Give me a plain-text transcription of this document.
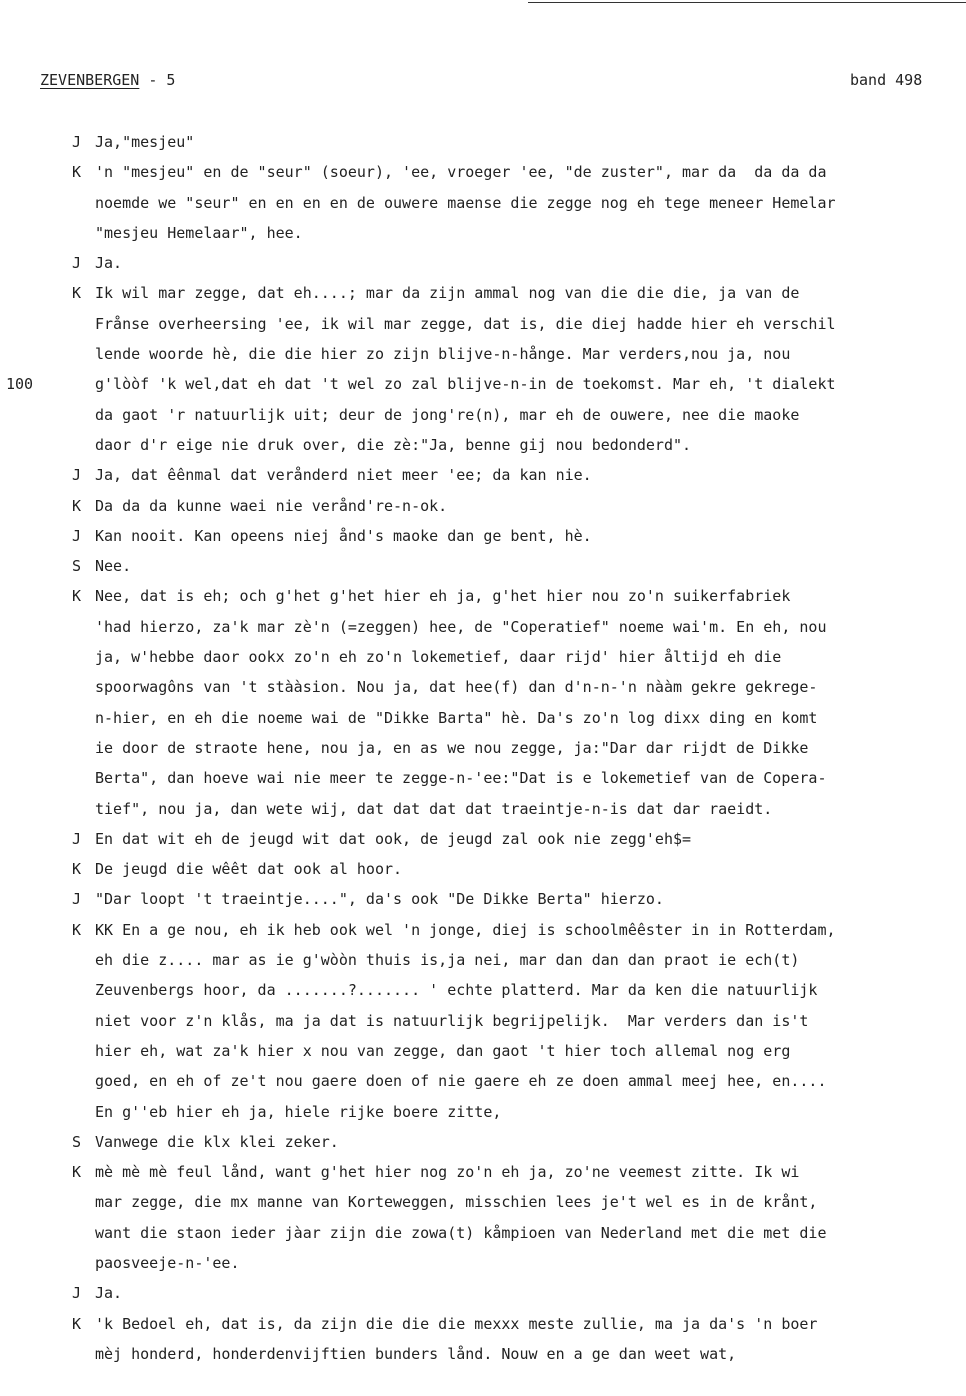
ZEVENBERGEN - 5	band 498
J Ja,"mesjeu"
K 'n "mesjeu" en de "seur" (soeur), 'ee, vroeger 'ee, "de zuster", mar da  da da da
noemde we "seur" en en en en de ouwere maense die zegge nog eh tege meneer Hemelar
"mesjeu Hemelaar", hee.
J Ja.
K Ik wil mar zegge, dat eh....; mar da zijn ammal nog van die die die, ja van de
Frånse overheersing 'ee, ik wil mar zegge, dat is, die diej hadde hier eh verschil
lende woorde hè, die die hier zo zijn blijve-n-hånge. Mar verders,nou ja, nou
100	g'lòòf 'k wel,dat eh dat 't wel zo zal blijve-n-in de toekomst. Mar eh, 't dialekt
da gaot 'r natuurlijk uit; deur de jong're(n), mar eh de ouwere, nee die maoke
daor d'r eige nie druk over, die zè:"Ja, benne gij nou bedonderd".
J Ja, dat êênmal dat verånderd niet meer 'ee; da kan nie.
K Da da da kunne waei nie verånd're-n-ok.
J Kan nooit. Kan opeens niej ånd's maoke dan ge bent, hè.
S Nee.
K Nee, dat is eh; och g'het g'het hier eh ja, g'het hier nou zo'n suikerfabriek
'had hierzo, za'k mar zè'n (=zeggen) hee, de "Coperatief" noeme wai'm. En eh, nou
ja, w'hebbe daor ookx zo'n eh zo'n lokemetief, daar rijd' hier åltijd eh die
spoorwagôns van 't stààsion. Nou ja, dat hee(f) dan d'n-n-'n nààm gekre gekrege-
n-hier, en eh die noeme wai de "Dikke Barta" hè. Da's zo'n log dixx ding en komt
ie door de straote hene, nou ja, en as we nou zegge, ja:"Dar dar rijdt de Dikke
Berta", dan hoeve wai nie meer te zegge-n-'ee:"Dat is e lokemetief van de Copera-
tief", nou ja, dan wete wij, dat dat dat dat traeintje-n-is dat dar raeidt.
J En dat wit eh de jeugd wit dat ook, de jeugd zal ook nie zegg'eh$=
K De jeugd die wêêt dat ook al hoor.
J "Dar loopt 't traeintje....", da's ook "De Dikke Berta" hierzo.
K KK En a ge nou, eh ik heb ook wel 'n jonge, diej is schoolmêêster in in Rotterdam,
eh die z.... mar as ie g'wòòn thuis is,ja nei, mar dan dan dan praot ie ech(t)
Zeuvenbergs hoor, da .......?....... ' echte platterd. Mar da ken die natuurlijk
niet voor z'n klås, ma ja dat is natuurlijk begrijpelijk.  Mar verders dan is't
hier eh, wat za'k hier x nou van zegge, dan gaot 't hier toch allemal nog erg
goed, en eh of ze't nou gaere doen of nie gaere eh ze doen ammal meej hee, en....
En g''eb hier eh ja, hiele rijke boere zitte,
S Vanwege die klx klei zeker.
K mè mè mè feul lånd, want g'het hier nog zo'n eh ja, zo'ne veemest zitte. Ik wi
mar zegge, die mx manne van Korteweggen, misschien lees je't wel es in de krånt,
want die staon ieder jàar zijn die zowa(t) kåmpioen van Nederland met die met die
paosveeje-n-'ee.
J Ja.
K 'k Bedoel eh, dat is, da zijn die die die mexxx meste zullie, ma ja da's 'n boer
mèj honderd, honderdenvijftien bunders lånd. Nouw en a ge dan weet wat,
